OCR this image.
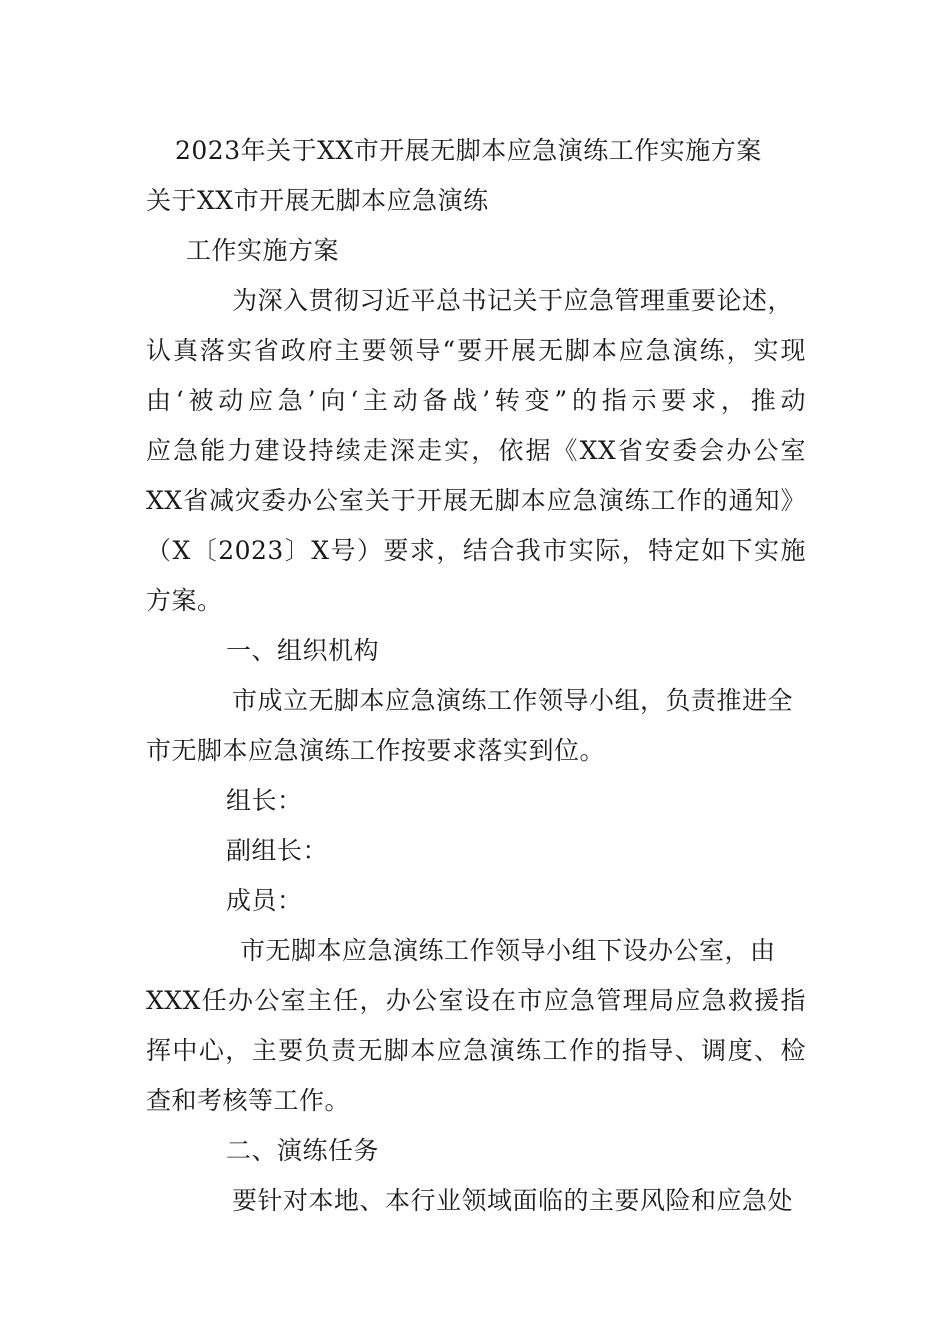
2023年关于XX市开展无脚本应急演练工作实施方案
关于XX市开展无脚本应急演练
工作实施方案
为深入贯彻习近平总书记关于应急管理重要论述，
认真落实省政府主要领导“要开展无脚本应急演练，实现
由‘被动应急’向‘主动备战’转变”的指示要求，推动
应急能力建设持续走深走实，依据《XX省安委会办公室
XX省减灾委办公室关于开展无脚本应急演练工作的通知》
（X〔2023〕X号）要求，结合我市实际，特定如下实施
方案。
一、组织机构
市成立无脚本应急演练工作领导小组，负责推进全
市无脚本应急演练工作按要求落实到位。
组长：
副组长：
成员：
市无脚本应急演练工作领导小组下设办公室，由
XXX任办公室主任，办公室设在市应急管理局应急救援指
挥中心，主要负责无脚本应急演练工作的指导、调度、检
查和考核等工作。
二、演练任务
要针对本地、本行业领域面临的主要风险和应急处
